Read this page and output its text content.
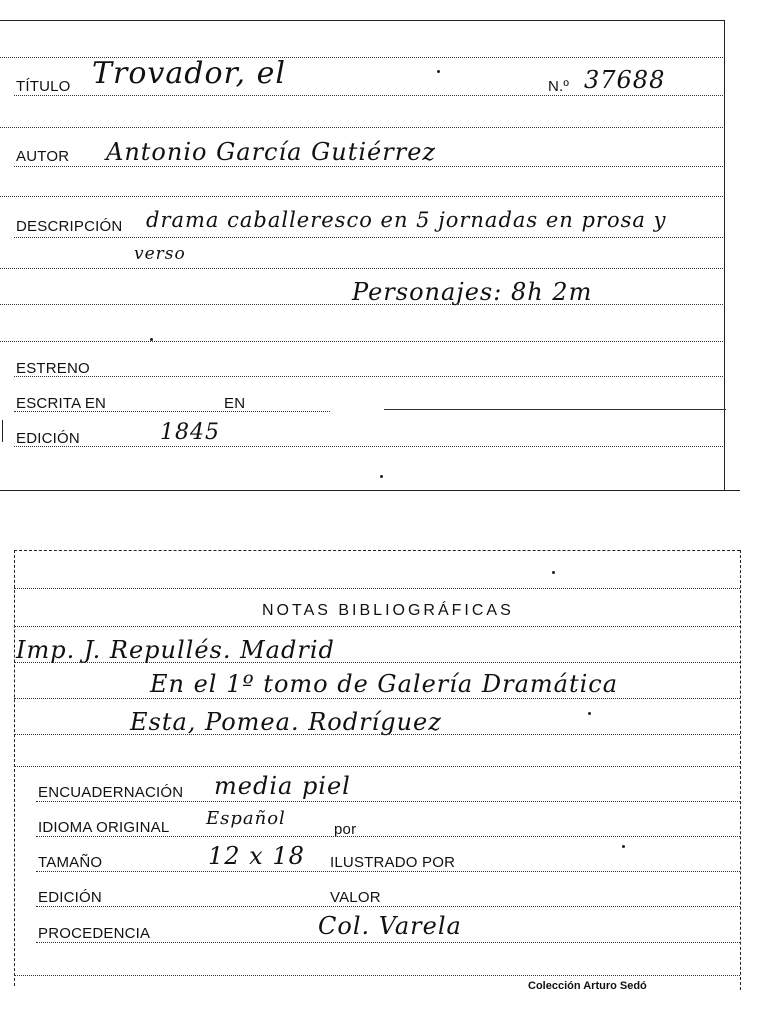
TÍTULO Trovador, el	N.º 37688
AUTOR Antonio García Gutiérrez
DESCRIPCIÓN drama caballeresco en 5 jornadas en prosa y
verso
Personajes: 8h 2m
ESTRENO
ESCRITA EN	EN
EDICIÓN	1845
NOTAS BIBLIOGRÁFICAS
Imp. J. Repullés. Madrid
En el 1º tomo de Galería Dramática
Esta, Pomea. Rodríguez
ENCUADERNACIÓN media piel
IDIOMA ORIGINAL Español
por
TAMAÑO	12 x 18 ILUSTRADO POR
EDICIÓN	VALOR
PROCEDENCIA	Col. Varela
Colección Arturo Sedó
